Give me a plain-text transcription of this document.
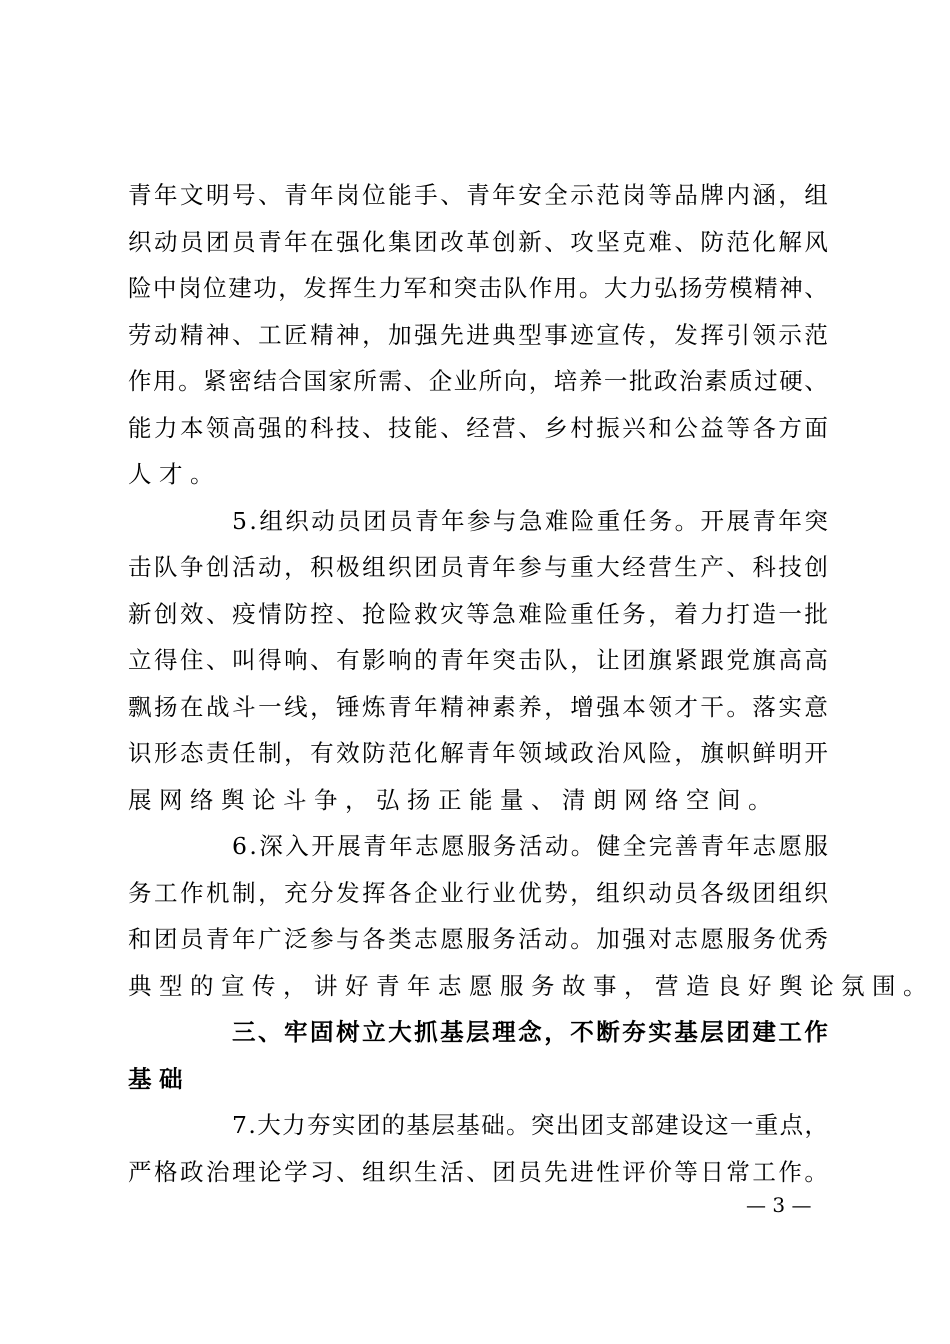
青 年 文 明 号 、 青 年 岗 位 能 手 、 青 年 安 全 示 范 岗 等 品 牌 内 涵 ， 组
织 动 员 团 员 青 年 在 强 化 集 团 改 革 创 新 、 攻 坚 克 难 、 防 范 化 解 风
险 中 岗 位 建 功 ， 发 挥 生 力 军 和 突 击 队 作 用 。 大 力 弘 扬 劳 模 精 神 、
劳 动 精 神 、 工 匠 精 神 ， 加 强 先 进 典 型 事 迹 宣 传 ， 发 挥 引 领 示 范
作 用 。 紧 密 结 合 国 家 所 需 、 企 业 所 向 ， 培 养 一 批 政 治 素 质 过 硬 、
能 力 本 领 高 强 的 科 技 、 技 能 、 经 营 、 乡 村 振 兴 和 公 益 等 各 方 面
人才。
5 . 组 织 动 员 团 员 青 年 参 与 急 难 险 重 任 务 。 开 展 青 年 突
击 队 争 创 活 动 ， 积 极 组 织 团 员 青 年 参 与 重 大 经 营 生 产 、 科 技 创
新 创 效 、 疫 情 防 控 、 抢 险 救 灾 等 急 难 险 重 任 务 ， 着 力 打 造 一 批
立 得 住 、 叫 得 响 、 有 影 响 的 青 年 突 击 队 ， 让 团 旗 紧 跟 党 旗 高 高
飘 扬 在 战 斗 一 线 ， 锤 炼 青 年 精 神 素 养 ， 增 强 本 领 才 干 。 落 实 意
识 形 态 责 任 制 ， 有 效 防 范 化 解 青 年 领 域 政 治 风 险 ， 旗 帜 鲜 明 开
展网络舆论斗争，弘扬正能量、清朗网络空间。
6 . 深 入 开 展 青 年 志 愿 服 务 活 动 。 健 全 完 善 青 年 志 愿 服
务 工 作 机 制 ， 充 分 发 挥 各 企 业 行 业 优 势 ， 组 织 动 员 各 级 团 组 织
和 团 员 青 年 广 泛 参 与 各 类 志 愿 服 务 活 动 。 加 强 对 志 愿 服 务 优 秀
典型的宣传，讲好青年志愿服务故事，营造良好舆论氛围。
三 、 牢 固 树 立 大 抓 基 层 理 念 ， 不 断 夯 实 基 层 团 建 工 作
基础
7 . 大 力 夯 实 团 的 基 层 基 础 。 突 出 团 支 部 建 设 这 一 重 点 ，
严 格 政 治 理 论 学 习 、 组 织 生 活 、 团 员 先 进 性 评 价 等 日 常 工 作 。
— 3 —
